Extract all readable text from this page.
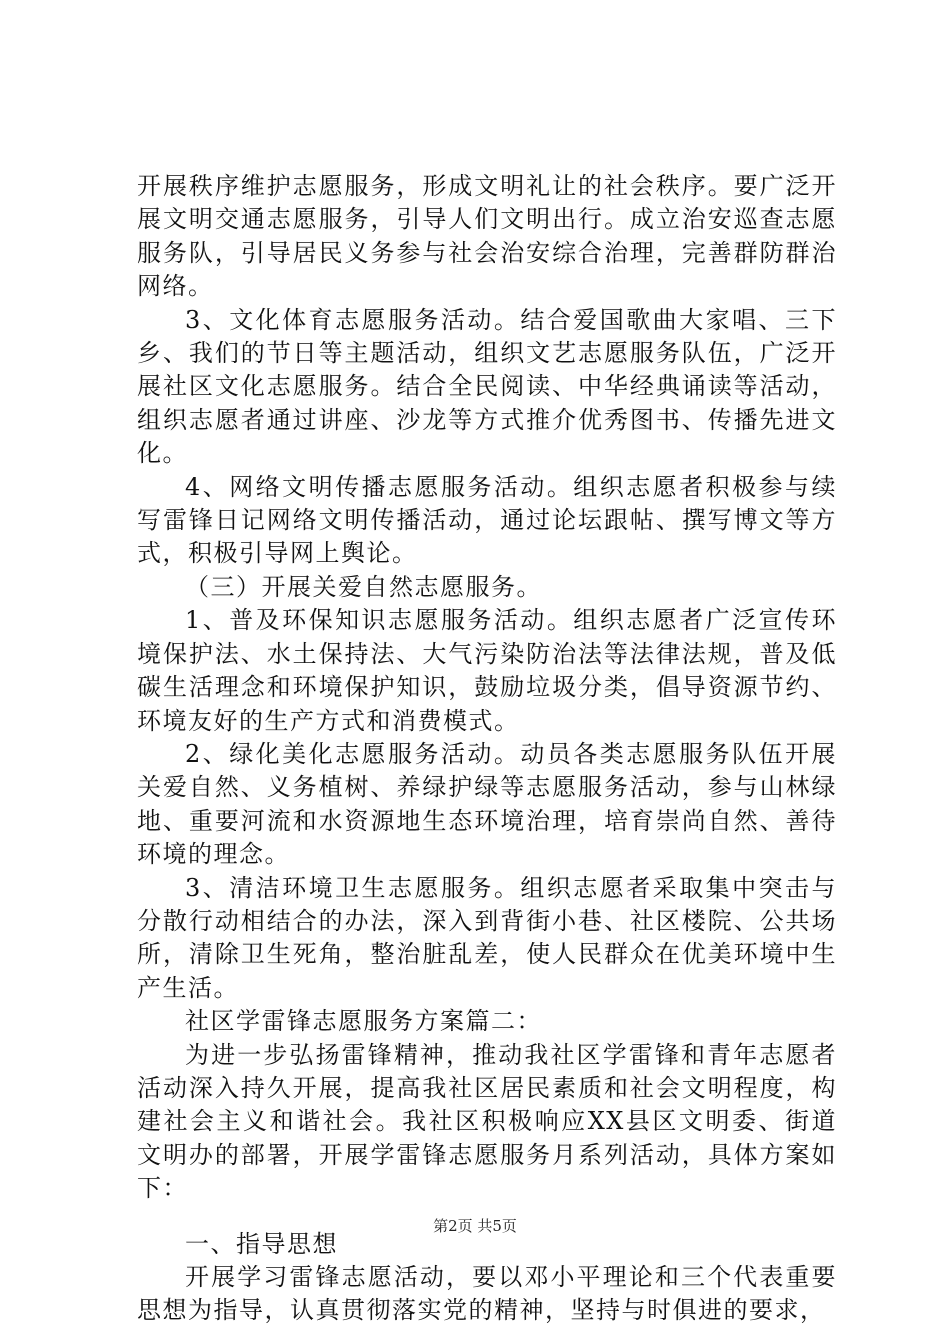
开展秩序维护志愿服务，形成文明礼让的社会秩序。要广泛开展文明交通志愿服务，引导人们文明出行。成立治安巡查志愿服务队，引导居民义务参与社会治安综合治理，完善群防群治网络。

3、文化体育志愿服务活动。结合爱国歌曲大家唱、三下乡、我们的节日等主题活动，组织文艺志愿服务队伍，广泛开展社区文化志愿服务。结合全民阅读、中华经典诵读等活动，组织志愿者通过讲座、沙龙等方式推介优秀图书、传播先进文化。

4、网络文明传播志愿服务活动。组织志愿者积极参与续写雷锋日记网络文明传播活动，通过论坛跟帖、撰写博文等方式，积极引导网上舆论。

（三）开展关爱自然志愿服务。

1、普及环保知识志愿服务活动。组织志愿者广泛宣传环境保护法、水土保持法、大气污染防治法等法律法规，普及低碳生活理念和环境保护知识，鼓励垃圾分类，倡导资源节约、环境友好的生产方式和消费模式。

2、绿化美化志愿服务活动。动员各类志愿服务队伍开展关爱自然、义务植树、养绿护绿等志愿服务活动，参与山林绿地、重要河流和水资源地生态环境治理，培育崇尚自然、善待环境的理念。

3、清洁环境卫生志愿服务。组织志愿者采取集中突击与分散行动相结合的办法，深入到背街小巷、社区楼院、公共场所，清除卫生死角，整治脏乱差，使人民群众在优美环境中生产生活。

社区学雷锋志愿服务方案篇二：

为进一步弘扬雷锋精神，推动我社区学雷锋和青年志愿者活动深入持久开展，提高我社区居民素质和社会文明程度，构建社会主义和谐社会。我社区积极响应XX县区文明委、街道文明办的部署，开展学雷锋志愿服务月系列活动，具体方案如下：

一、指导思想

开展学习雷锋志愿活动，要以邓小平理论和三个代表重要思想为指导，认真贯彻落实党的精神，坚持与时俱进的要求，

第2页 共5页
